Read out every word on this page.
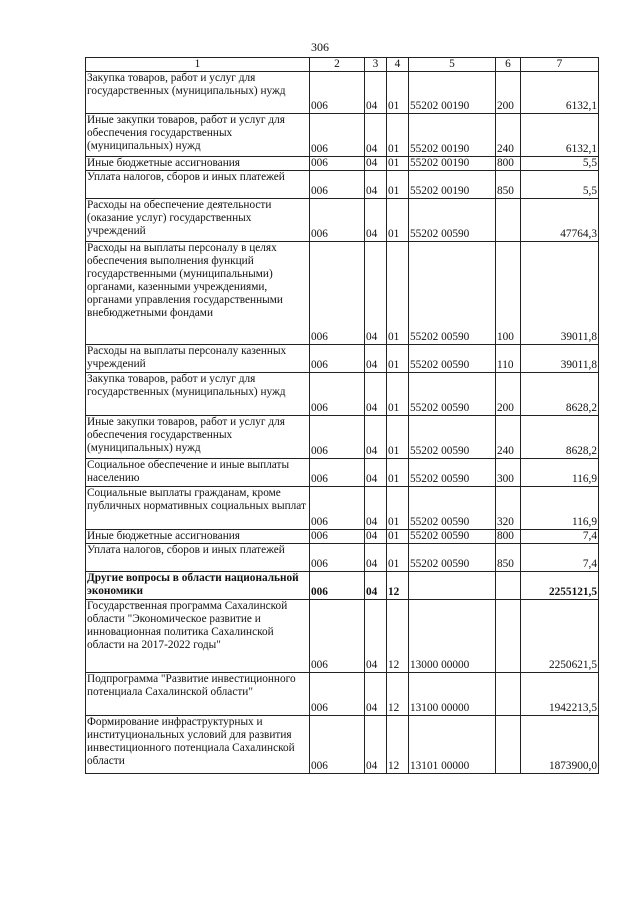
306
1	2	3	4	5	6	7
Закупка товаров, работ и услуг для государственных (муниципальных) нужд	006	04	01	55202 00190	200	6132,1
Иные закупки товаров, работ и услуг для обеспечения государственных (муниципальных) нужд	006	04	01	55202 00190	240	6132,1
Иные бюджетные ассигнования	006	04	01	55202 00190	800	5,5
Уплата налогов, сборов и иных платежей	006	04	01	55202 00190	850	5,5
Расходы на обеспечение деятельности (оказание услуг) государственных учреждений	006	04	01	55202 00590		47764,3
Расходы на выплаты персоналу в целях обеспечения выполнения функций государственными (муниципальными) органами, казенными учреждениями, органами управления государственными внебюджетными фондами	006	04	01	55202 00590	100	39011,8
Расходы на выплаты персоналу казенных учреждений	006	04	01	55202 00590	110	39011,8
Закупка товаров, работ и услуг для государственных (муниципальных) нужд	006	04	01	55202 00590	200	8628,2
Иные закупки товаров, работ и услуг для обеспечения государственных (муниципальных) нужд	006	04	01	55202 00590	240	8628,2
Социальное обеспечение и иные выплаты населению	006	04	01	55202 00590	300	116,9
Социальные выплаты гражданам, кроме публичных нормативных социальных выплат	006	04	01	55202 00590	320	116,9
Иные бюджетные ассигнования	006	04	01	55202 00590	800	7,4
Уплата налогов, сборов и иных платежей	006	04	01	55202 00590	850	7,4
Другие вопросы в области национальной экономики	006	04	12			2255121,5
Государственная программа Сахалинской области "Экономическое развитие и инновационная политика Сахалинской области на 2017-2022 годы"	006	04	12	13000 00000		2250621,5
Подпрограмма "Развитие инвестиционного потенциала Сахалинской области"	006	04	12	13100 00000		1942213,5
Формирование инфраструктурных и институциональных условий для развития инвестиционного потенциала Сахалинской области	006	04	12	13101 00000		1873900,0
